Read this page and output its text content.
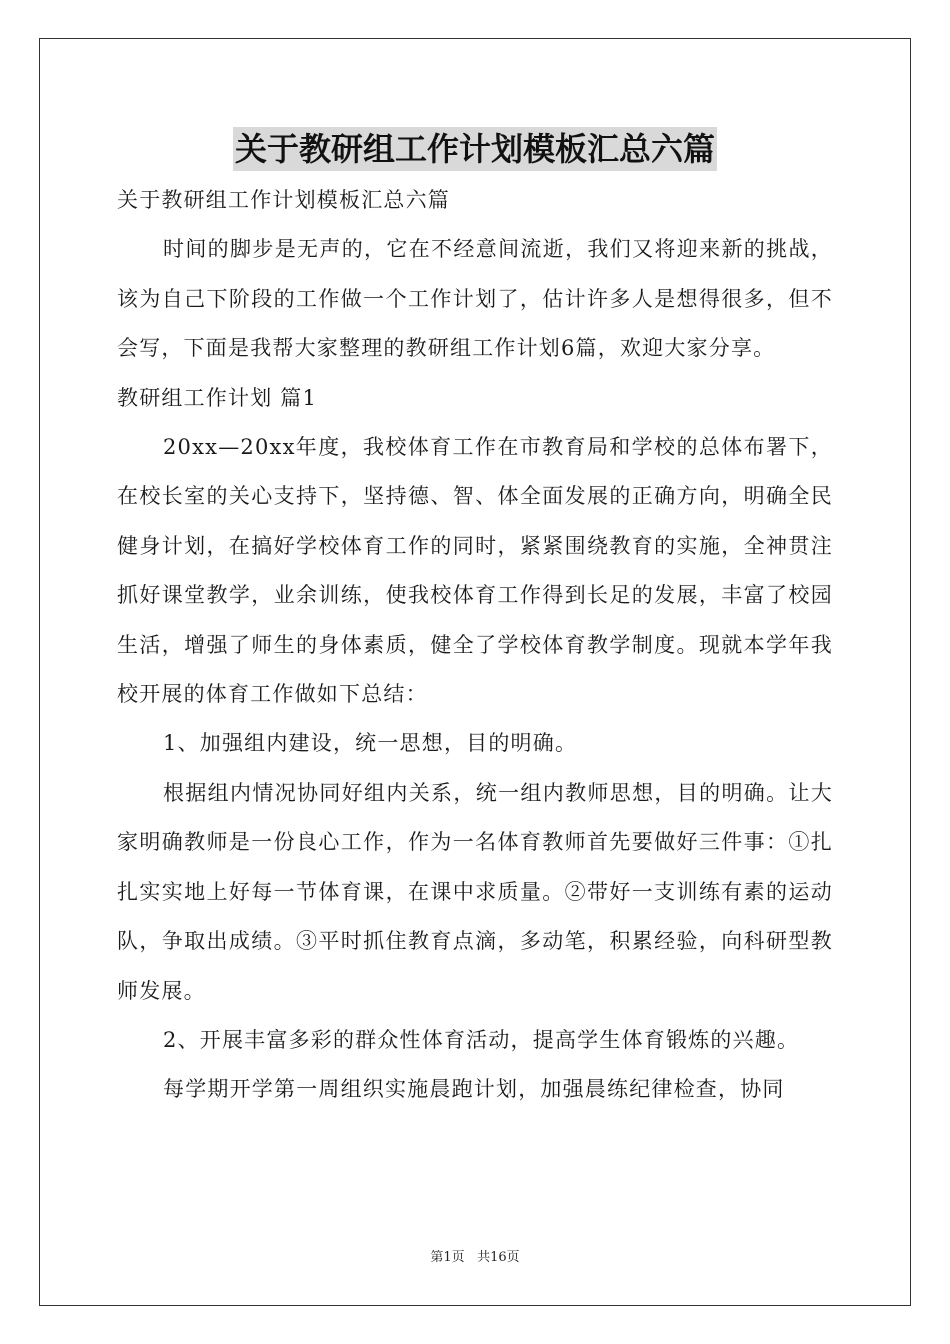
关于教研组工作计划模板汇总六篇

关于教研组工作计划模板汇总六篇

时间的脚步是无声的，它在不经意间流逝，我们又将迎来新的挑战，该为自己下阶段的工作做一个工作计划了，估计许多人是想得很多，但不会写，下面是我帮大家整理的教研组工作计划6篇，欢迎大家分享。

教研组工作计划 篇1

20xx—20xx年度，我校体育工作在市教育局和学校的总体布署下，在校长室的关心支持下，坚持德、智、体全面发展的正确方向，明确全民健身计划，在搞好学校体育工作的同时，紧紧围绕教育的实施，全神贯注抓好课堂教学，业余训练，使我校体育工作得到长足的发展，丰富了校园生活，增强了师生的身体素质，健全了学校体育教学制度。现就本学年我校开展的体育工作做如下总结：

1、加强组内建设，统一思想，目的明确。

根据组内情况协同好组内关系，统一组内教师思想，目的明确。让大家明确教师是一份良心工作，作为一名体育教师首先要做好三件事：①扎扎实实地上好每一节体育课，在课中求质量。②带好一支训练有素的运动队，争取出成绩。③平时抓住教育点滴，多动笔，积累经验，向科研型教师发展。

2、开展丰富多彩的群众性体育活动，提高学生体育锻炼的兴趣。

每学期开学第一周组织实施晨跑计划，加强晨练纪律检查，协同

第1页 共16页
